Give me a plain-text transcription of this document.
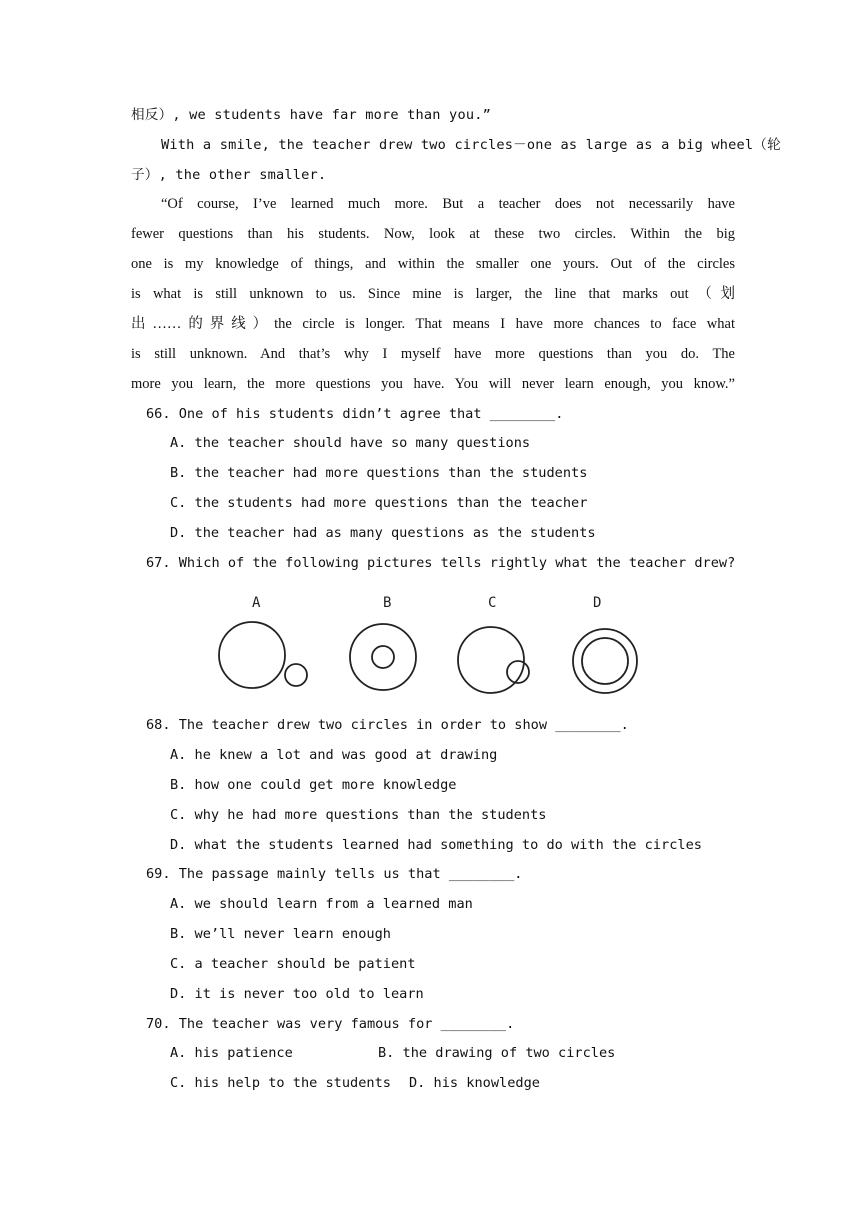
相反）, we students have far more than you.”
With a smile, the teacher drew two circles－one as large as a big wheel（轮
子）, the other smaller.
“Of course, I’ve learned much more. But a teacher does not necessarily have
fewer questions than his students. Now, look at these two circles. Within the big
one is my knowledge of things, and within the smaller one yours. Out of the circles
is what is still unknown to us. Since mine is larger, the line that marks out（划
出……的界线）the circle is longer. That means I have more chances to face what
is still unknown. And that’s why I myself have more questions than you do. The
more you learn, the more questions you have. You will never learn enough, you know.”
66. One of his students didn’t agree that ________.
A. the teacher should have so many questions
B. the teacher had more questions than the students
C. the students had more questions than the teacher
D. the teacher had as many questions as the students
67. Which of the following pictures tells rightly what the teacher drew?
A	B	C	D
68. The teacher drew two circles in order to show ________.
A. he knew a lot and was good at drawing
B. how one could get more knowledge
C. why he had more questions than the students
D. what the students learned had something to do with the circles
69. The passage mainly tells us that ________.
A. we should learn from a learned man
B. we’ll never learn enough
C. a teacher should be patient
D. it is never too old to learn
70. The teacher was very famous for ________.
A. his patience	B. the drawing of two circles
C. his help to the students D. his knowledge
